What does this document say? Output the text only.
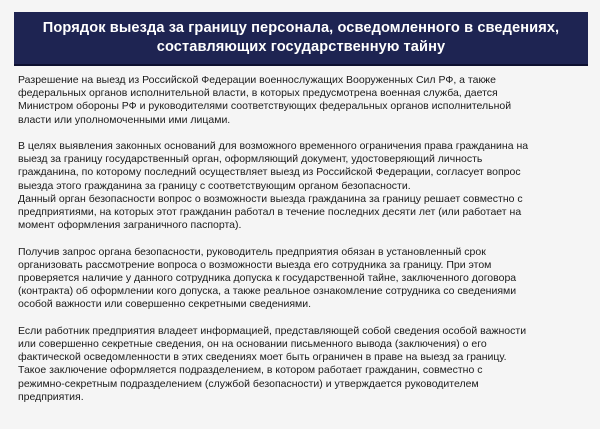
Порядок выезда за границу персонала, осведомленного в сведениях,
составляющих государственную тайну

Разрешение на выезд из Российской Федерации военнослужащих Вооруженных Сил РФ, а также
федеральных органов исполнительной власти, в которых предусмотрена военная служба, дается
Министром обороны РФ и руководителями соответствующих федеральных органов исполнительной
власти или уполномоченными ими лицами.

В целях выявления законных оснований для возможного временного ограничения права гражданина на
выезд за границу государственный орган, оформляющий документ, удостоверяющий личность
гражданина, по которому последний осуществляет выезд из Российской Федерации, согласует вопрос
выезда этого гражданина за границу с соответствующим органом безопасности.
Данный орган безопасности вопрос о возможности выезда гражданина за границу решает совместно с
предприятиями, на которых этот гражданин работал в течение последних десяти лет (или работает на
момент оформления заграничного паспорта).

Получив запрос органа безопасности, руководитель предприятия обязан в установленный срок
организовать рассмотрение вопроса о возможности выезда его сотрудника за границу. При этом
проверяется наличие у данного сотрудника допуска к государственной тайне, заключенного договора
(контракта) об оформлении кого допуска, а также реальное ознакомление сотрудника со сведениями
особой важности или совершенно секретными сведениями.

Если работник предприятия владеет информацией, представляющей собой сведения особой важности
или совершенно секретные сведения, он на основании письменного вывода (заключения) о его
фактической осведомленности в этих сведениях моет быть ограничен в праве на выезд за границу.
Такое заключение оформляется подразделением, в котором работает гражданин, совместно с
режимно-секретным подразделением (службой безопасности) и утверждается руководителем
предприятия.
